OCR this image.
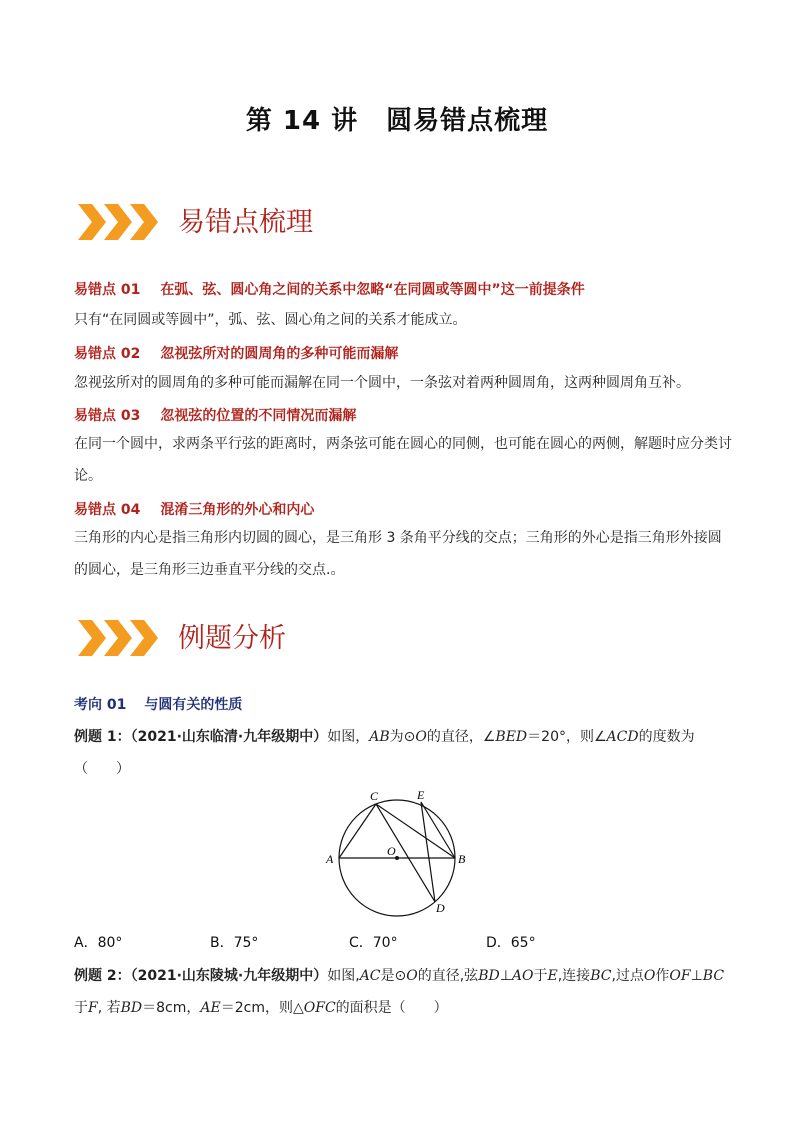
第 14 讲 圆易错点梳理
易错点梳理
易错点 01 在弧、弦、圆心角之间的关系中忽略“在同圆或等圆中”这一前提条件
只有“在同圆或等圆中”，弧、弦、圆心角之间的关系才能成立。
易错点 02 忽视弦所对的圆周角的多种可能而漏解
忽视弦所对的圆周角的多种可能而漏解在同一个圆中，一条弦对着两种圆周角，这两种圆周角互补。
易错点 03 忽视弦的位置的不同情况而漏解
在同一个圆中，求两条平行弦的距离时，两条弦可能在圆心的同侧，也可能在圆心的两侧，解题时应分类讨论。
易错点 04 混淆三角形的外心和内心
三角形的内心是指三角形内切圆的圆心，是三角形 3 条角平分线的交点；三角形的外心是指三角形外接圆的圆心，是三角形三边垂直平分线的交点.。
例题分析
考向 01 与圆有关的性质
例题 1：（2021·山东临清·九年级期中）如图，AB为⊙O的直径，∠BED＝20°，则∠ACD的度数为
（　　）
C	E
A
O
B
D
A．80°	B．75°	C．70°	D．65°
例题 2：（2021·山东陵城·九年级期中）如图,AC是⊙O的直径,弦BD⊥AO于E,连接BC,过点O作OF⊥BC
于F, 若BD＝8cm，AE＝2cm，则△OFC的面积是（　　）
